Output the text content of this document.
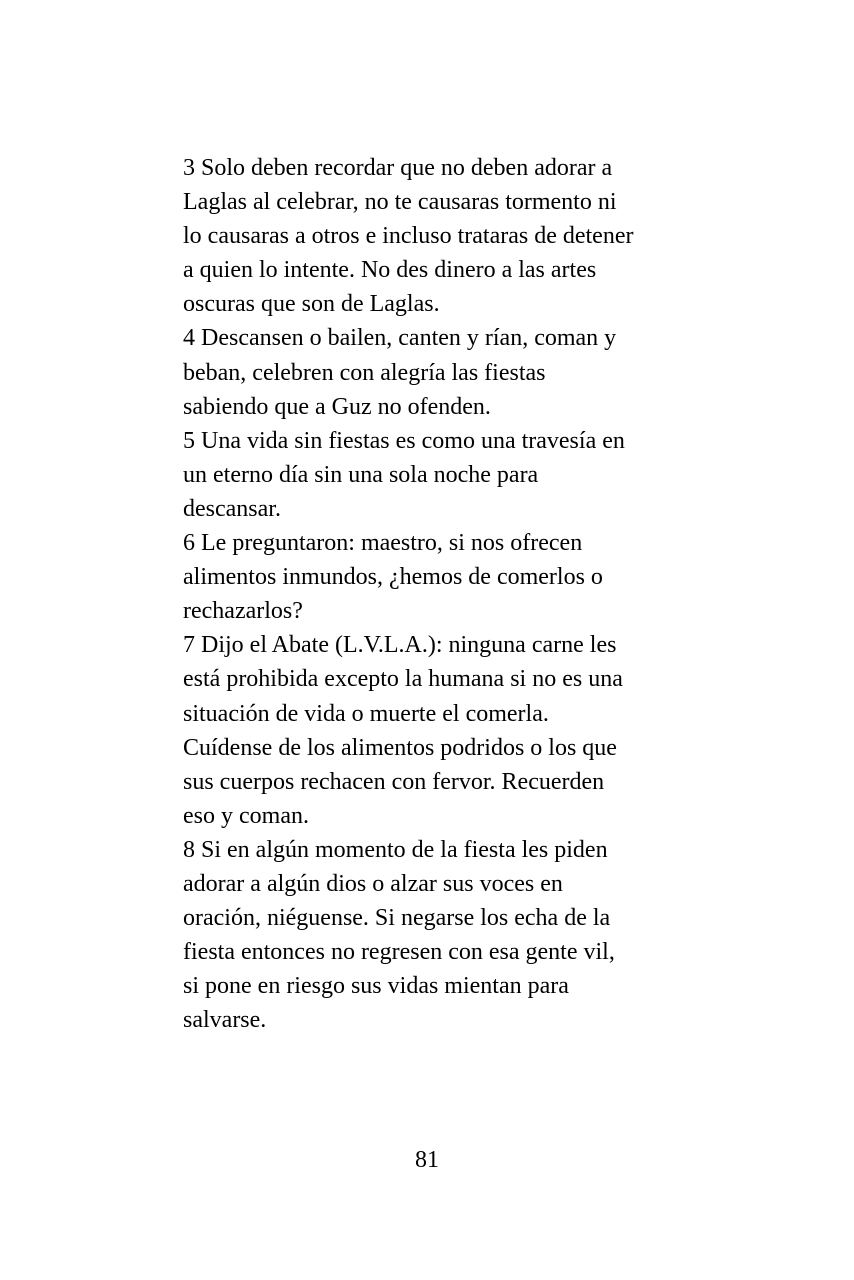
3 Solo deben recordar que no deben adorar a
Laglas al celebrar, no te causaras tormento ni
lo causaras a otros e incluso trataras de detener
a quien lo intente. No des dinero a las artes
oscuras que son de Laglas.
4 Descansen o bailen, canten y rían, coman y
beban, celebren con alegría las fiestas
sabiendo que a Guz no ofenden.
5 Una vida sin fiestas es como una travesía en
un eterno día sin una sola noche para
descansar.
6 Le preguntaron: maestro, si nos ofrecen
alimentos inmundos, ¿hemos de comerlos o
rechazarlos?
7 Dijo el Abate (L.V.L.A.): ninguna carne les
está prohibida excepto la humana si no es una
situación de vida o muerte el comerla.
Cuídense de los alimentos podridos o los que
sus cuerpos rechacen con fervor. Recuerden
eso y coman.
8 Si en algún momento de la fiesta les piden
adorar a algún dios o alzar sus voces en
oración, niéguense. Si negarse los echa de la
fiesta entonces no regresen con esa gente vil,
si pone en riesgo sus vidas mientan para
salvarse.
81
